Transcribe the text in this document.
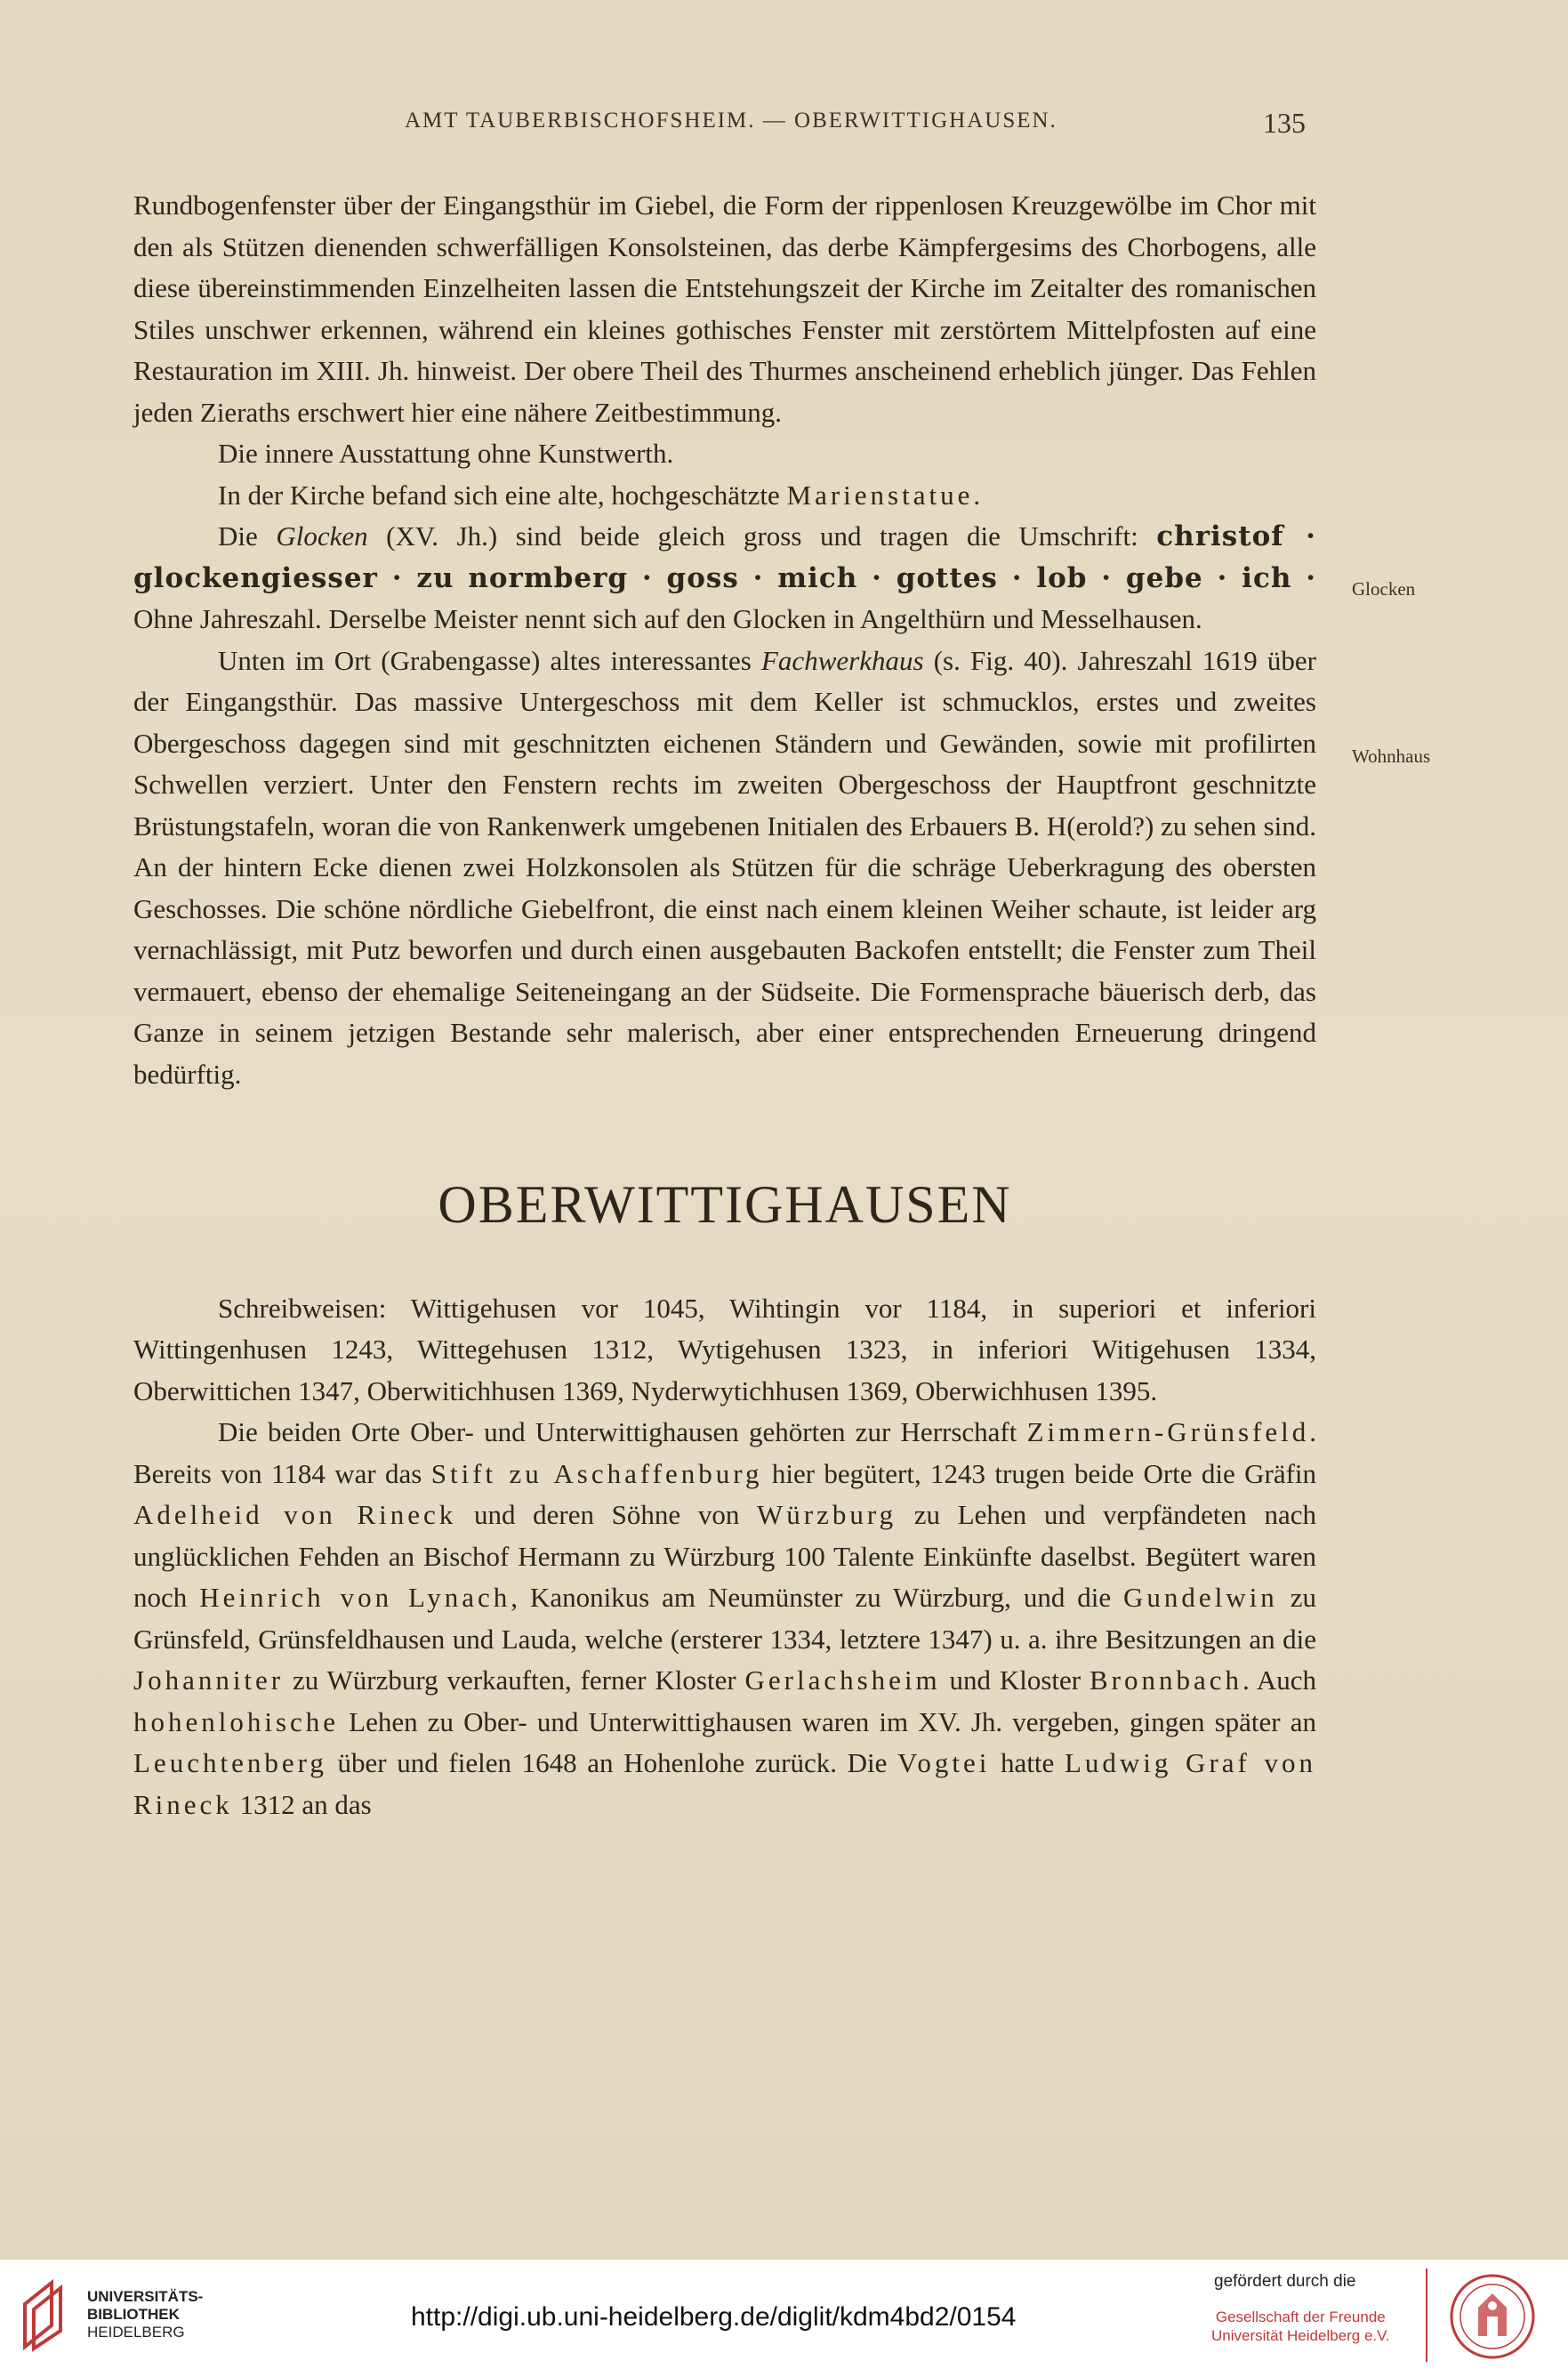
AMT TAUBERBISCHOFSHEIM. — OBERWITTIGHAUSEN.	135
Glocken
Wohnhaus

Rundbogenfenster über der Eingangsthür im Giebel, die Form der rippenlosen Kreuzgewölbe im Chor mit den als Stützen dienenden schwerfälligen Konsolsteinen, das derbe Kämpfergesims des Chorbogens, alle diese übereinstimmenden Einzelheiten lassen die Entstehungszeit der Kirche im Zeitalter des romanischen Stiles unschwer erkennen, während ein kleines gothisches Fenster mit zerstörtem Mittelpfosten auf eine Restauration im XIII. Jh. hinweist. Der obere Theil des Thurmes anscheinend erheblich jünger. Das Fehlen jeden Zieraths erschwert hier eine nähere Zeitbestimmung.

Die innere Ausstattung ohne Kunstwerth.

In der Kirche befand sich eine alte, hochgeschätzte Marienstatue.

Die Glocken (XV. Jh.) sind beide gleich gross und tragen die Umschrift: christof · glockengiesser · zu normberg · goss · mich · gottes · lob · gebe · ich · Ohne Jahreszahl. Derselbe Meister nennt sich auf den Glocken in Angelthürn und Messelhausen.

Unten im Ort (Grabengasse) altes interessantes Fachwerkhaus (s. Fig. 40). Jahreszahl 1619 über der Eingangsthür. Das massive Untergeschoss mit dem Keller ist schmucklos, erstes und zweites Obergeschoss dagegen sind mit geschnitzten eichenen Ständern und Gewänden, sowie mit profilirten Schwellen verziert. Unter den Fenstern rechts im zweiten Obergeschoss der Hauptfront geschnitzte Brüstungstafeln, woran die von Rankenwerk umgebenen Initialen des Erbauers B. H(erold?) zu sehen sind. An der hintern Ecke dienen zwei Holzkonsolen als Stützen für die schräge Ueberkragung des obersten Geschosses. Die schöne nördliche Giebelfront, die einst nach einem kleinen Weiher schaute, ist leider arg vernachlässigt, mit Putz beworfen und durch einen ausgebauten Backofen entstellt; die Fenster zum Theil vermauert, ebenso der ehemalige Seiteneingang an der Südseite. Die Formensprache bäuerisch derb, das Ganze in seinem jetzigen Bestande sehr malerisch, aber einer entsprechenden Erneuerung dringend bedürftig.

OBERWITTIGHAUSEN

Schreibweisen: Wittigehusen vor 1045, Wihtingin vor 1184, in superiori et inferiori Wittingenhusen 1243, Wittegehusen 1312, Wytigehusen 1323, in inferiori Witigehusen 1334, Oberwittichen 1347, Oberwitichhusen 1369, Nyderwytichhusen 1369, Oberwichhusen 1395.

Die beiden Orte Ober- und Unterwittighausen gehörten zur Herrschaft Zimmern-Grünsfeld. Bereits von 1184 war das Stift zu Aschaffenburg hier begütert, 1243 trugen beide Orte die Gräfin Adelheid von Rineck und deren Söhne von Würzburg zu Lehen und verpfändeten nach unglücklichen Fehden an Bischof Hermann zu Würzburg 100 Talente Einkünfte daselbst. Begütert waren noch Heinrich von Lynach, Kanonikus am Neumünster zu Würzburg, und die Gundelwin zu Grünsfeld, Grünsfeldhausen und Lauda, welche (ersterer 1334, letztere 1347) u. a. ihre Besitzungen an die Johanniter zu Würzburg verkauften, ferner Kloster Gerlachsheim und Kloster Bronnbach. Auch hohenlohische Lehen zu Ober- und Unterwittighausen waren im XV. Jh. vergeben, gingen später an Leuchtenberg über und fielen 1648 an Hohenlohe zurück. Die Vogtei hatte Ludwig Graf von Rineck 1312 an das

UNIVERSITÄTS-
BIBLIOTHEK
HEIDELBERG
http://digi.ub.uni-heidelberg.de/diglit/kdm4bd2/0154
gefördert durch die
Gesellschaft der Freunde
Universität Heidelberg e.V.
